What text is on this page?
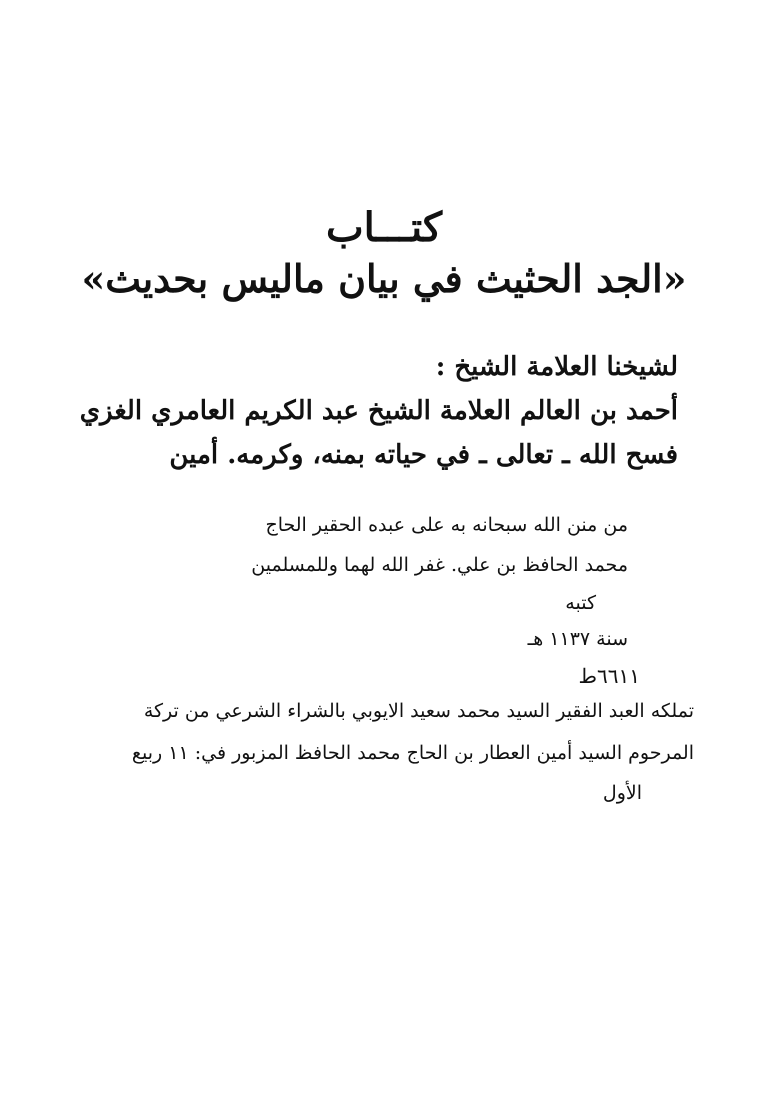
كتـــاب
«الجد الحثيث في بيان ماليس بحديث»
لشيخنا العلامة الشيخ :
أحمد بن العالم العلامة الشيخ عبد الكريم العامري الغزي
فسح الله ـ تعالى ـ في حياته بمنه، وكرمه. أمين
من منن الله سبحانه به على عبده الحقير الحاج
محمد الحافظ بن علي. غفر الله لهما وللمسلمين
كتبه
سنة ١١٣٧ هـ
٦٦١١ط
تملكه العبد الفقير السيد محمد سعيد الايوبي بالشراء الشرعي من تركة
المرحوم السيد أمين العطار بن الحاج محمد الحافظ المزبور في: ١١ ربيع
الأول
